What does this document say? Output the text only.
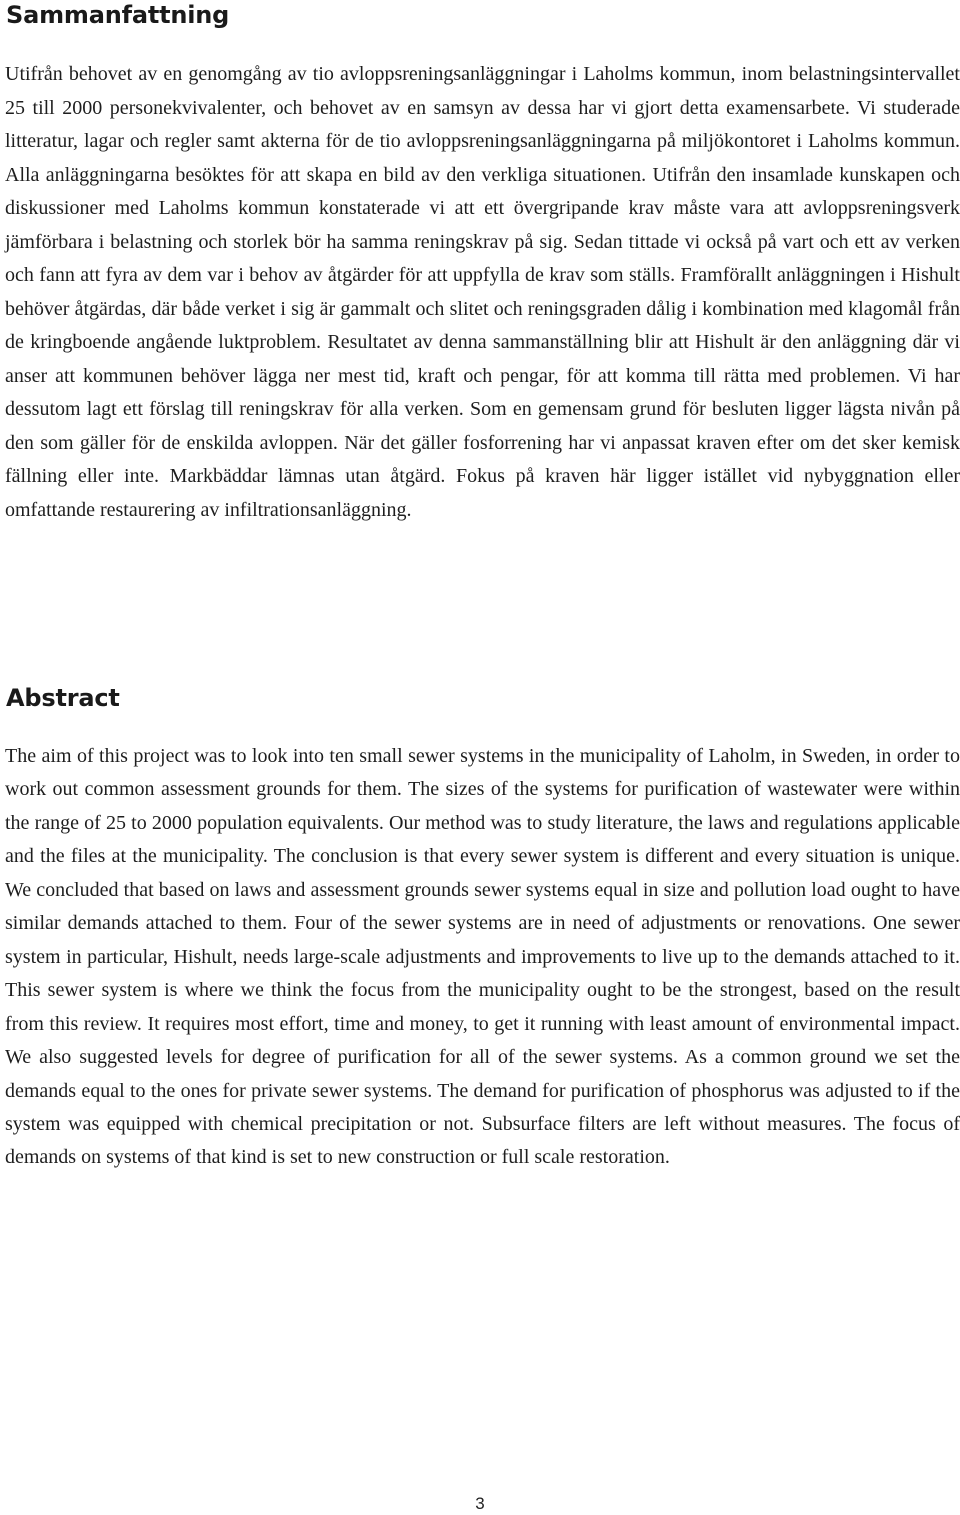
Sammanfattning

Utifrån behovet av en genomgång av tio avloppsreningsanläggningar i Laholms kommun, inom belastningsintervallet 25 till 2000 personekvivalenter, och behovet av en samsyn av dessa har vi gjort detta examensarbete. Vi studerade litteratur, lagar och regler samt akterna för de tio avloppsreningsanläggningarna på miljökontoret i Laholms kommun. Alla anläggningarna besöktes för att skapa en bild av den verkliga situationen. Utifrån den insamlade kunskapen och diskussioner med Laholms kommun konstaterade vi att ett övergripande krav måste vara att avloppsreningsverk jämförbara i belastning och storlek bör ha samma reningskrav på sig. Sedan tittade vi också på vart och ett av verken och fann att fyra av dem var i behov av åtgärder för att uppfylla de krav som ställs. Framförallt anläggningen i Hishult behöver åtgärdas, där både verket i sig är gammalt och slitet och reningsgraden dålig i kombination med klagomål från de kringboende angående luktproblem. Resultatet av denna sammanställning blir att Hishult är den anläggning där vi anser att kommunen behöver lägga ner mest tid, kraft och pengar, för att komma till rätta med problemen. Vi har dessutom lagt ett förslag till reningskrav för alla verken. Som en gemensam grund för besluten ligger lägsta nivån på den som gäller för de enskilda avloppen. När det gäller fosforrening har vi anpassat kraven efter om det sker kemisk fällning eller inte. Markbäddar lämnas utan åtgärd. Fokus på kraven här ligger istället vid nybyggnation eller omfattande restaurering av infiltrationsanläggning.

Abstract

The aim of this project was to look into ten small sewer systems in the municipality of Laholm, in Sweden, in order to work out common assessment grounds for them. The sizes of the systems for purification of wastewater were within the range of 25 to 2000 population equivalents. Our method was to study literature, the laws and regulations applicable and the files at the municipality. The conclusion is that every sewer system is different and every situation is unique. We concluded that based on laws and assessment grounds sewer systems equal in size and pollution load ought to have similar demands attached to them. Four of the sewer systems are in need of adjustments or renovations. One sewer system in particular, Hishult, needs large-scale adjustments and improvements to live up to the demands attached to it. This sewer system is where we think the focus from the municipality ought to be the strongest, based on the result from this review. It requires most effort, time and money, to get it running with least amount of environmental impact. We also suggested levels for degree of purification for all of the sewer systems. As a common ground we set the demands equal to the ones for private sewer systems. The demand for purification of phosphorus was adjusted to if the system was equipped with chemical precipitation or not. Subsurface filters are left without measures. The focus of demands on systems of that kind is set to new construction or full scale restoration.

3
